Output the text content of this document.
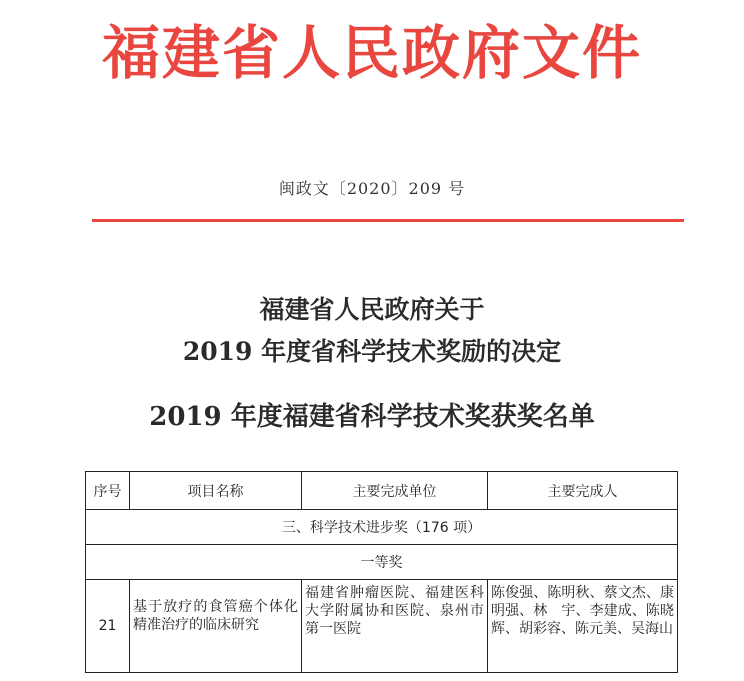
福建省人民政府文件
闽政文〔2020〕209 号
福建省人民政府关于
2019 年度省科学技术奖励的决定
2019 年度福建省科学技术奖获奖名单
序号	项目名称	主要完成单位	主要完成人
三、科学技术进步奖（176 项）			
一等奖			
21	基于放疗的食管癌个体化精准治疗的临床研究	福建省肿瘤医院、福建医科大学附属协和医院、泉州市第一医院	陈俊强、陈明秋、蔡文杰、康明强、林　宇、李建成、陈晓辉、胡彩容、陈元美、吴海山
